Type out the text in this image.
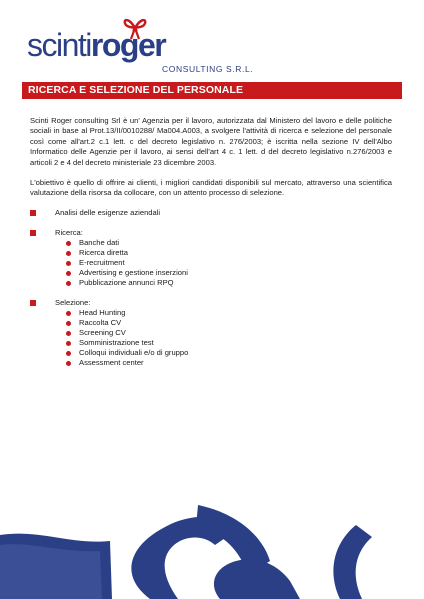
scintiroger
CONSULTING S.R.L.
RICERCA E SELEZIONE DEL PERSONALE

Scinti Roger consulting Srl è un' Agenzia per il lavoro, autorizzata dal Ministero del lavoro e delle politiche sociali in base al Prot.13/II/0010288/ Ma004.A003, a svolgere l'attività di ricerca e selezione del personale così come all'art.2 c.1 lett. c del decreto legislativo n. 276/2003; è iscritta nella sezione IV dell'Albo Informatico delle Agenzie per il lavoro, ai sensi dell'art 4 c. 1 lett. d del decreto legislativo n.276/2003 e articoli 2 e 4 del decreto ministeriale 23 dicembre 2003.

L'obiettivo è quello di offrire ai clienti, i migliori candidati disponibili sul mercato, attraverso una scientifica valutazione della risorsa da collocare, con un attento processo di selezione.

Analisi delle esigenze aziendali
Ricerca:
Banche dati
Ricerca diretta
E-recruitment
Advertising e gestione inserzioni
Pubblicazione annunci RPQ
Selezione:
Head Hunting
Raccolta CV
Screening CV
Somministrazione test
Colloqui individuali e/o di gruppo
Assessment center
